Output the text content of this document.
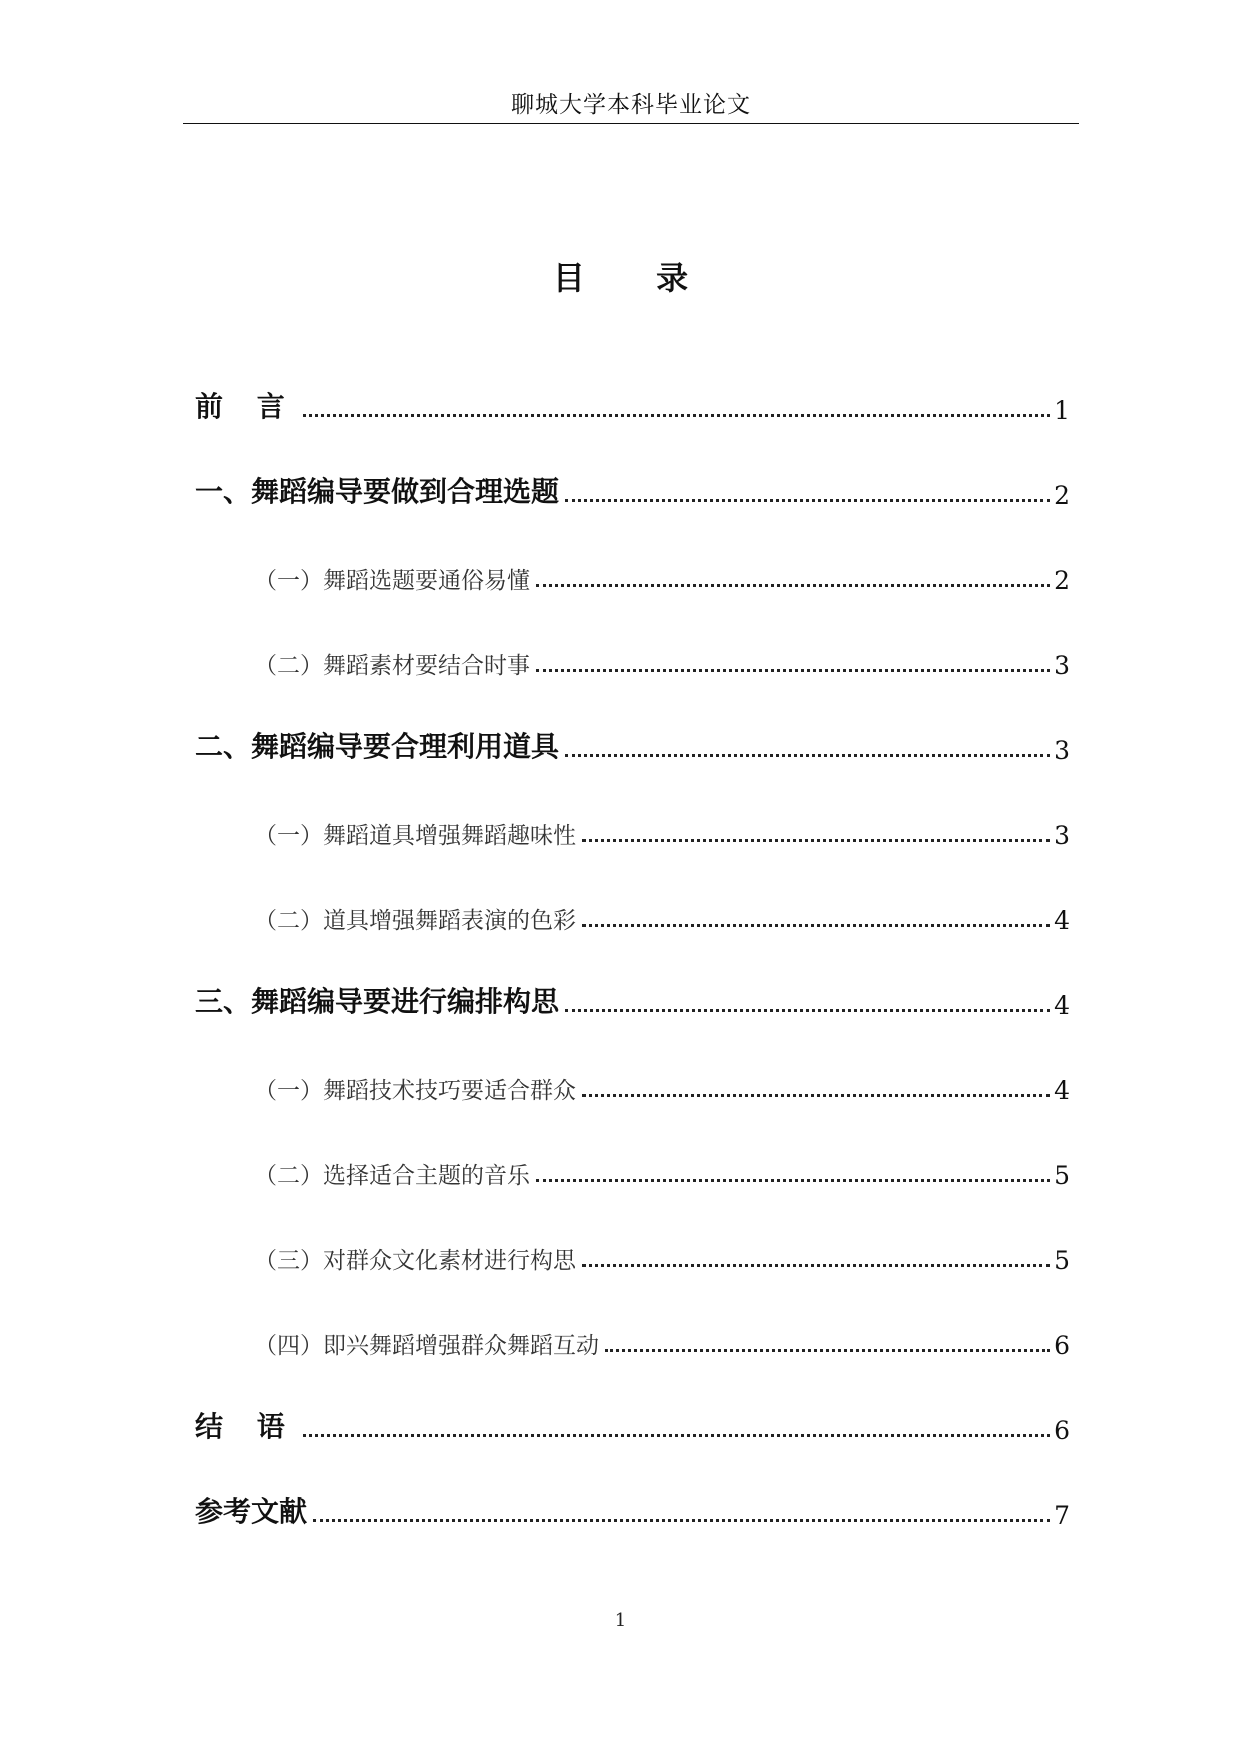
聊城大学本科毕业论文
目 录
前 言	1
一、舞蹈编导要做到合理选题	2
（一）舞蹈选题要通俗易懂	2
（二）舞蹈素材要结合时事	3
二、舞蹈编导要合理利用道具	3
（一）舞蹈道具增强舞蹈趣味性	3
（二）道具增强舞蹈表演的色彩	4
三、舞蹈编导要进行编排构思	4
（一）舞蹈技术技巧要适合群众	4
（二）选择适合主题的音乐	5
（三）对群众文化素材进行构思	5
（四）即兴舞蹈增强群众舞蹈互动	6
结 语	6
参考文献	7
1
